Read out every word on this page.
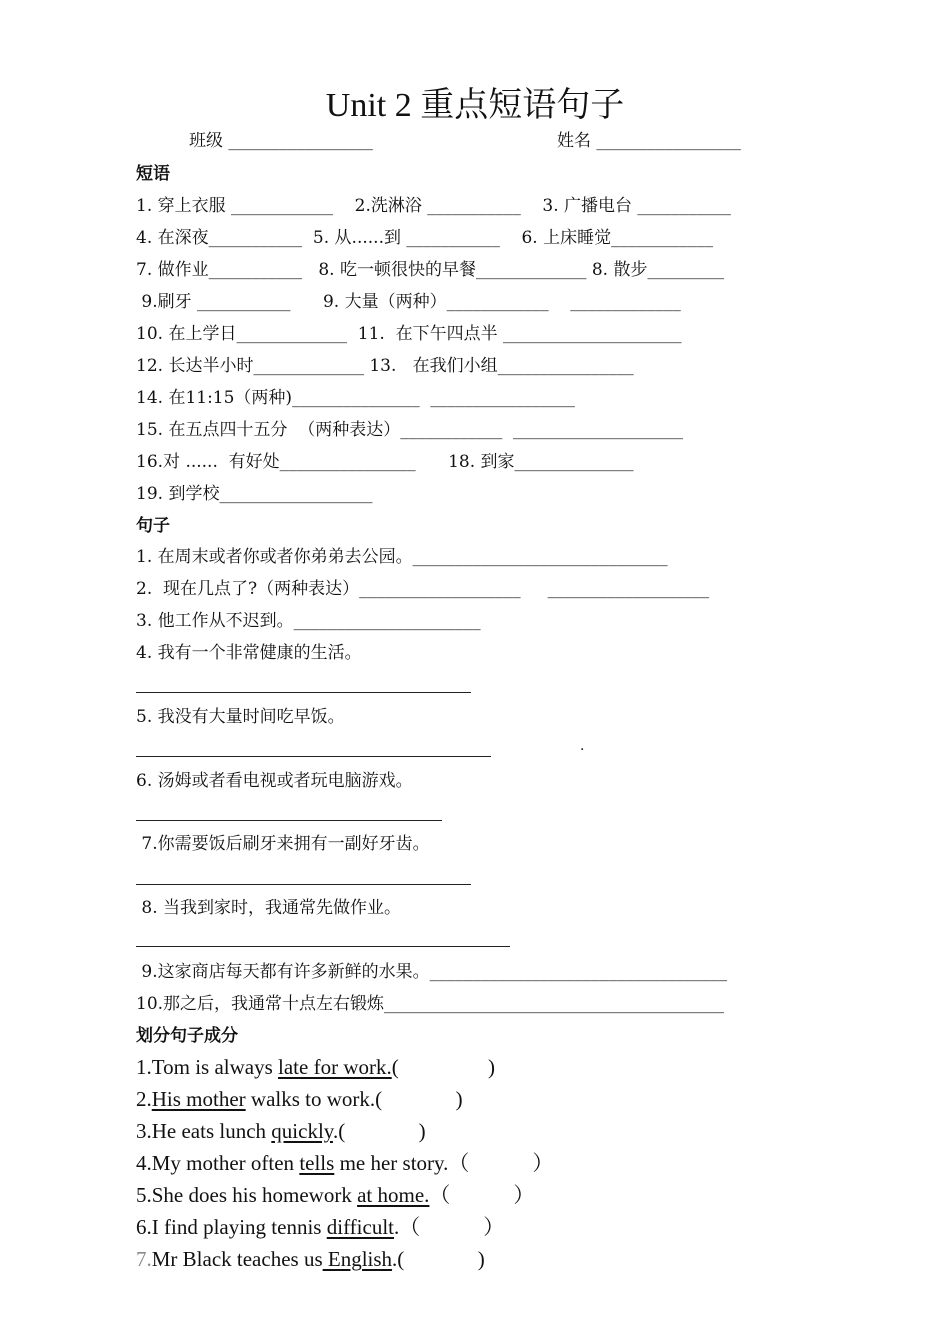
Unit 2 重点短语句子
班级 _________________	姓名 _________________
短语
1. 穿上衣服 ____________    2.洗淋浴 ___________    3. 广播电台 ___________
4. 在深夜___________  5. 从......到 ___________    6. 上床睡觉____________
7. 做作业___________   8. 吃一顿很快的早餐_____________ 8. 散步_________
9.刷牙 ___________      9. 大量（两种）____________    _____________
10. 在上学日_____________  11.  在下午四点半 _____________________
12. 长达半小时_____________ 13.   在我们小组________________
14. 在11:15（两种)_______________  _________________
15. 在五点四十五分  （两种表达）____________  ____________________
16.对 ......  有好处________________      18. 到家______________
19. 到学校__________________
句子
1. 在周末或者你或者你弟弟去公园。______________________________
2.  现在几点了?（两种表达）___________________     ___________________
3. 他工作从不迟到。______________________
4. 我有一个非常健康的生活。
5. 我没有大量时间吃早饭。
.
6. 汤姆或者看电视或者玩电脑游戏。
7.你需要饭后刷牙来拥有一副好牙齿。
8. 当我到家时，我通常先做作业。
9.这家商店每天都有许多新鲜的水果。___________________________________
10.那之后，我通常十点左右锻炼________________________________________
划分句子成分
1.Tom is always late for work.(                 )
2.His mother walks to work.(              )
3.He eats lunch quickly.(              )
4.My mother often tells me her story.（            ）
5.She does his homework at home.（            ）
6.I find playing tennis difficult.（            ）
7.Mr Black teaches us English.(              )
